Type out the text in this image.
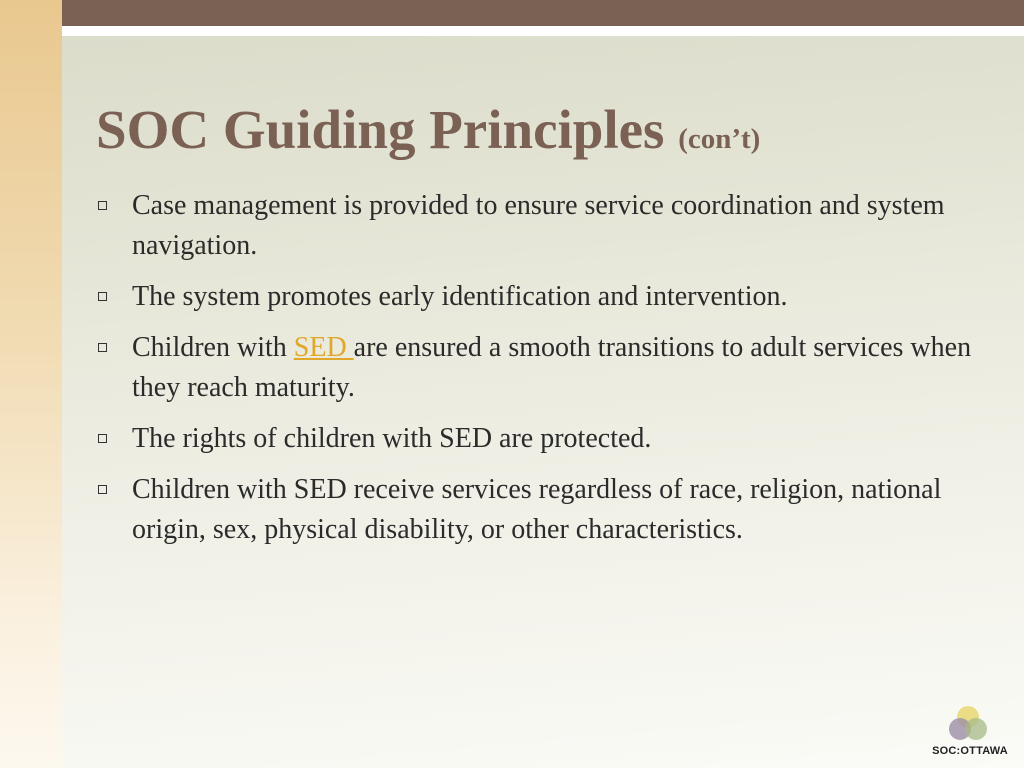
SOC Guiding Principles (con’t)
Case management is provided to ensure service coordination and system navigation.
The system promotes early identification and intervention.
Children with SED are ensured a smooth transitions to adult services when they reach maturity.
The rights of children with SED are protected.
Children with SED receive services regardless of race, religion, national origin, sex, physical disability, or other characteristics.
SOC:OTTAWA
